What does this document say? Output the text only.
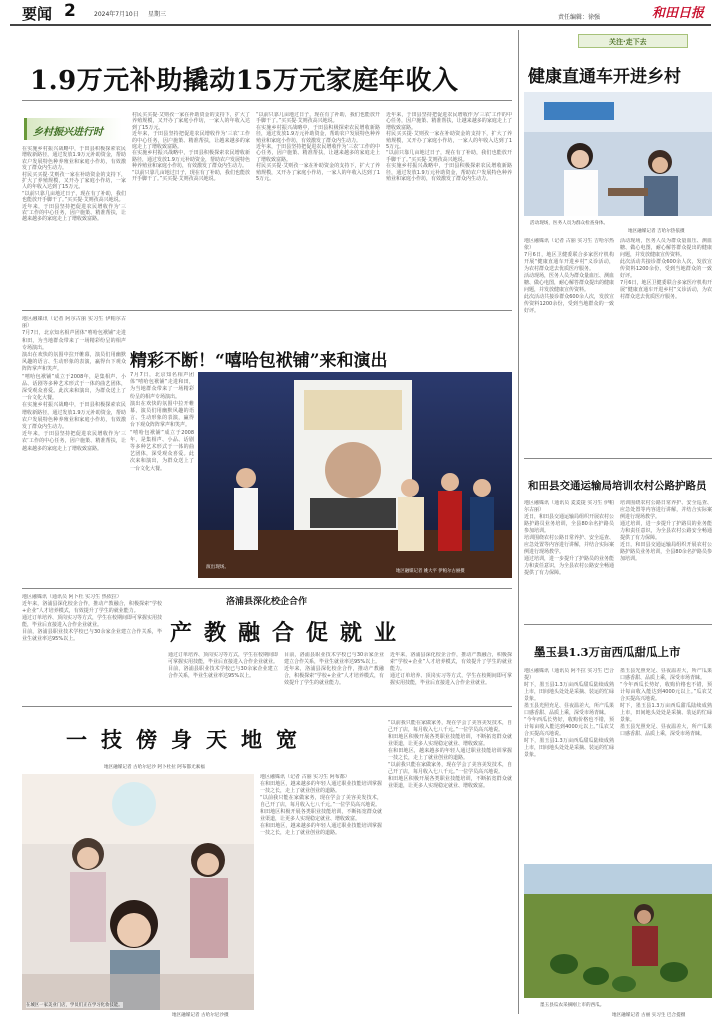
要闻 2	2024年7月10日 星期三	责任编辑：徐强	和田日报
1.9万元补助撬动15万元家庭年收入
乡村振兴进行时

在实施乡村振兴战略中，于田县积极探索农民增收新路径，通过发放1.9万元补助资金，帮助农户发展特色种养殖业和家庭小作坊，有效激发了群众内生动力。

村民买买提·艾则孜一家在补助资金的支持下，扩大了养殖规模，又开办了家庭小作坊，一家人的年收入达到了15万元。

“以前只靠几亩地过日子，现在有了补助，我们也能放开手脚干了。”买买提·艾则孜高兴地说。

近年来，于田县坚持把促进农民增收作为‘三农’工作的中心任务，因户施策、精准帮扶，让越来越多的家庭走上了增收致富路。

村民买买提·艾则孜一家在补助资金的支持下，扩大了养殖规模，又开办了家庭小作坊，一家人的年收入达到了15万元。

近年来，于田县坚持把促进农民增收作为‘三农’工作的中心任务，因户施策、精准帮扶，让越来越多的家庭走上了增收致富路。

在实施乡村振兴战略中，于田县积极探索农民增收新路径，通过发放1.9万元补助资金，帮助农户发展特色种养殖业和家庭小作坊，有效激发了群众内生动力。

“以前只靠几亩地过日子，现在有了补助，我们也能放开手脚干了。”买买提·艾则孜高兴地说。

“以前只靠几亩地过日子，现在有了补助，我们也能放开手脚干了。”买买提·艾则孜高兴地说。

在实施乡村振兴战略中，于田县积极探索农民增收新路径，通过发放1.9万元补助资金，帮助农户发展特色种养殖业和家庭小作坊，有效激发了群众内生动力。

近年来，于田县坚持把促进农民增收作为‘三农’工作的中心任务，因户施策、精准帮扶，让越来越多的家庭走上了增收致富路。

村民买买提·艾则孜一家在补助资金的支持下，扩大了养殖规模，又开办了家庭小作坊，一家人的年收入达到了15万元。

近年来，于田县坚持把促进农民增收作为‘三农’工作的中心任务，因户施策、精准帮扶，让越来越多的家庭走上了增收致富路。

村民买买提·艾则孜一家在补助资金的支持下，扩大了养殖规模，又开办了家庭小作坊，一家人的年收入达到了15万元。

“以前只靠几亩地过日子，现在有了补助，我们也能放开手脚干了。”买买提·艾则孜高兴地说。

在实施乡村振兴战略中，于田县积极探索农民增收新路径，通过发放1.9万元补助资金，帮助农户发展特色种养殖业和家庭小作坊，有效激发了群众内生动力。

地区融媒讯（记者 阿尔古丽 实习生 伊帕尔古丽）

7月7日，北京知名相声团体“嘻哈包袱铺”走进和田，为当地群众带来了一场精彩纷呈的相声专场演出。

演出在欢快的氛围中拉开帷幕，演员们用幽默风趣的语言、生动形象的表演，赢得台下观众阵阵掌声和笑声。

“嘻哈包袱铺”成立于2008年，是集相声、小品、话剧等多种艺术形式于一体的曲艺团体，深受观众喜爱。此次来和演出，为群众送上了一台文化大餐。

在实施乡村振兴战略中，于田县积极探索农民增收新路径，通过发放1.9万元补助资金，帮助农户发展特色种养殖业和家庭小作坊，有效激发了群众内生动力。

近年来，于田县坚持把促进农民增收作为‘三农’工作的中心任务，因户施策、精准帮扶，让越来越多的家庭走上了增收致富路。

精彩不断！“嘻哈包袱铺”来和演出

7月7日，北京知名相声团体“嘻哈包袱铺”走进和田，为当地群众带来了一场精彩纷呈的相声专场演出。

演出在欢快的氛围中拉开帷幕，演员们用幽默风趣的语言、生动形象的表演，赢得台下观众阵阵掌声和笑声。

“嘻哈包袱铺”成立于2008年，是集相声、小品、话剧等多种艺术形式于一体的曲艺团体，深受观众喜爱。此次来和演出，为群众送上了一台文化大餐。

演出现场。
地区融媒记者 姚大平 伊帕尔古丽摄
洛浦县深化校企合作
产教融合促就业

地区融媒讯（通讯员 阿卜杜 实习生 热依拉）

近年来，洛浦县深化校企合作，推动产教融合，积极探索“学校+企业”人才培养模式，有效提升了学生的就业能力。

通过订单培养、顶岗实习等方式，学生在校期间即可掌握实用技能，毕业后直接进入合作企业就业。

目前，洛浦县职业技术学校已与30余家企业建立合作关系，毕业生就业率达95%以上。

通过订单培养、顶岗实习等方式，学生在校期间即可掌握实用技能，毕业后直接进入合作企业就业。

目前，洛浦县职业技术学校已与30余家企业建立合作关系，毕业生就业率达95%以上。

目前，洛浦县职业技术学校已与30余家企业建立合作关系，毕业生就业率达95%以上。

近年来，洛浦县深化校企合作，推动产教融合，积极探索“学校+企业”人才培养模式，有效提升了学生的就业能力。

近年来，洛浦县深化校企合作，推动产教融合，积极探索“学校+企业”人才培养模式，有效提升了学生的就业能力。

通过订单培养、顶岗实习等方式，学生在校期间即可掌握实用技能，毕业后直接进入合作企业就业。

一技傍身天地宽
地区融媒记者 古哈尔尼沙 阿卜杜拉 阿布都尤素福
在城区一家美业门店，学员们正在学习化妆技能。
地区融媒记者 古哈尔尼沙摄

地区融媒讯（记者 古丽 实习生 阿布都）

在和田地区，越来越多的年轻人通过职业技能培训掌握一技之长，走上了就业创业的道路。

“以前我只能在家做家务，现在学会了美容美发技术，自己开了店，每月收入七八千元。”一位学员高兴地说。

和田地区积极开展各类职业技能培训，不断拓宽群众就业渠道，让更多人实现稳定就业、增收致富。

在和田地区，越来越多的年轻人通过职业技能培训掌握一技之长，走上了就业创业的道路。

“以前我只能在家做家务，现在学会了美容美发技术，自己开了店，每月收入七八千元。”一位学员高兴地说。

和田地区积极开展各类职业技能培训，不断拓宽群众就业渠道，让更多人实现稳定就业、增收致富。

在和田地区，越来越多的年轻人通过职业技能培训掌握一技之长，走上了就业创业的道路。

“以前我只能在家做家务，现在学会了美容美发技术，自己开了店，每月收入七八千元。”一位学员高兴地说。

和田地区积极开展各类职业技能培训，不断拓宽群众就业渠道，让更多人实现稳定就业、增收致富。

关注·走下去
健康直通车开进乡村
活动现场，医务人员为群众检查身体。
地区融媒记者 吉哈尔热依摄

地区融媒讯（记者 古丽 实习生 吉哈尔热依）

7月6日，地区卫健委联合多家医疗机构开展“健康直通车开进乡村”义诊活动，为农村群众送去优质医疗服务。

活动现场，医务人员为群众量血压、测血糖、做心电图，耐心解答群众提出的健康问题，并发放健康宣传资料。

此次活动共接诊群众600余人次，发放宣传资料1200余份，受到当地群众的一致好评。

活动现场，医务人员为群众量血压、测血糖、做心电图，耐心解答群众提出的健康问题，并发放健康宣传资料。

此次活动共接诊群众600余人次，发放宣传资料1200余份，受到当地群众的一致好评。

7月6日，地区卫健委联合多家医疗机构开展“健康直通车开进乡村”义诊活动，为农村群众送去优质医疗服务。

和田县交通运输局培训农村公路护路员

地区融媒讯（通讯员 麦麦提 实习生 伊帕尔古丽）

近日，和田县交通运输局组织开展农村公路护路员业务培训，全县80余名护路员参加培训。

培训围绕农村公路日常养护、安全巡查、应急处置等内容进行讲解，并结合实际案例进行现场教学。

通过培训，进一步提升了护路员的业务能力和责任意识，为全县农村公路安全畅通提供了有力保障。

培训围绕农村公路日常养护、安全巡查、应急处置等内容进行讲解，并结合实际案例进行现场教学。

通过培训，进一步提升了护路员的业务能力和责任意识，为全县农村公路安全畅通提供了有力保障。

近日，和田县交通运输局组织开展农村公路护路员业务培训，全县80余名护路员参加培训。

墨玉县1.3万亩西瓜甜瓜上市

地区融媒讯（通讯员 阿不拉 实习生 巴合提）

时下，墨玉县1.3万亩西瓜甜瓜陆续成熟上市，田间地头处处是采摘、装运的忙碌景象。

墨玉县光照充足、昼夜温差大，所产瓜果口感香甜、品质上乘，深受市场青睐。

“今年西瓜长势好，收购价格也不错，预计每亩收入能达到4000元以上。”瓜农艾合买提高兴地说。

时下，墨玉县1.3万亩西瓜甜瓜陆续成熟上市，田间地头处处是采摘、装运的忙碌景象。

墨玉县光照充足、昼夜温差大，所产瓜果口感香甜、品质上乘，深受市场青睐。

“今年西瓜长势好，收购价格也不错，预计每亩收入能达到4000元以上。”瓜农艾合买提高兴地说。

时下，墨玉县1.3万亩西瓜甜瓜陆续成熟上市，田间地头处处是采摘、装运的忙碌景象。

墨玉县光照充足、昼夜温差大，所产瓜果口感香甜、品质上乘，深受市场青睐。

墨玉县瓜农采摘刚上市的西瓜。
地区融媒记者 古丽 实习生 巴合提摄
